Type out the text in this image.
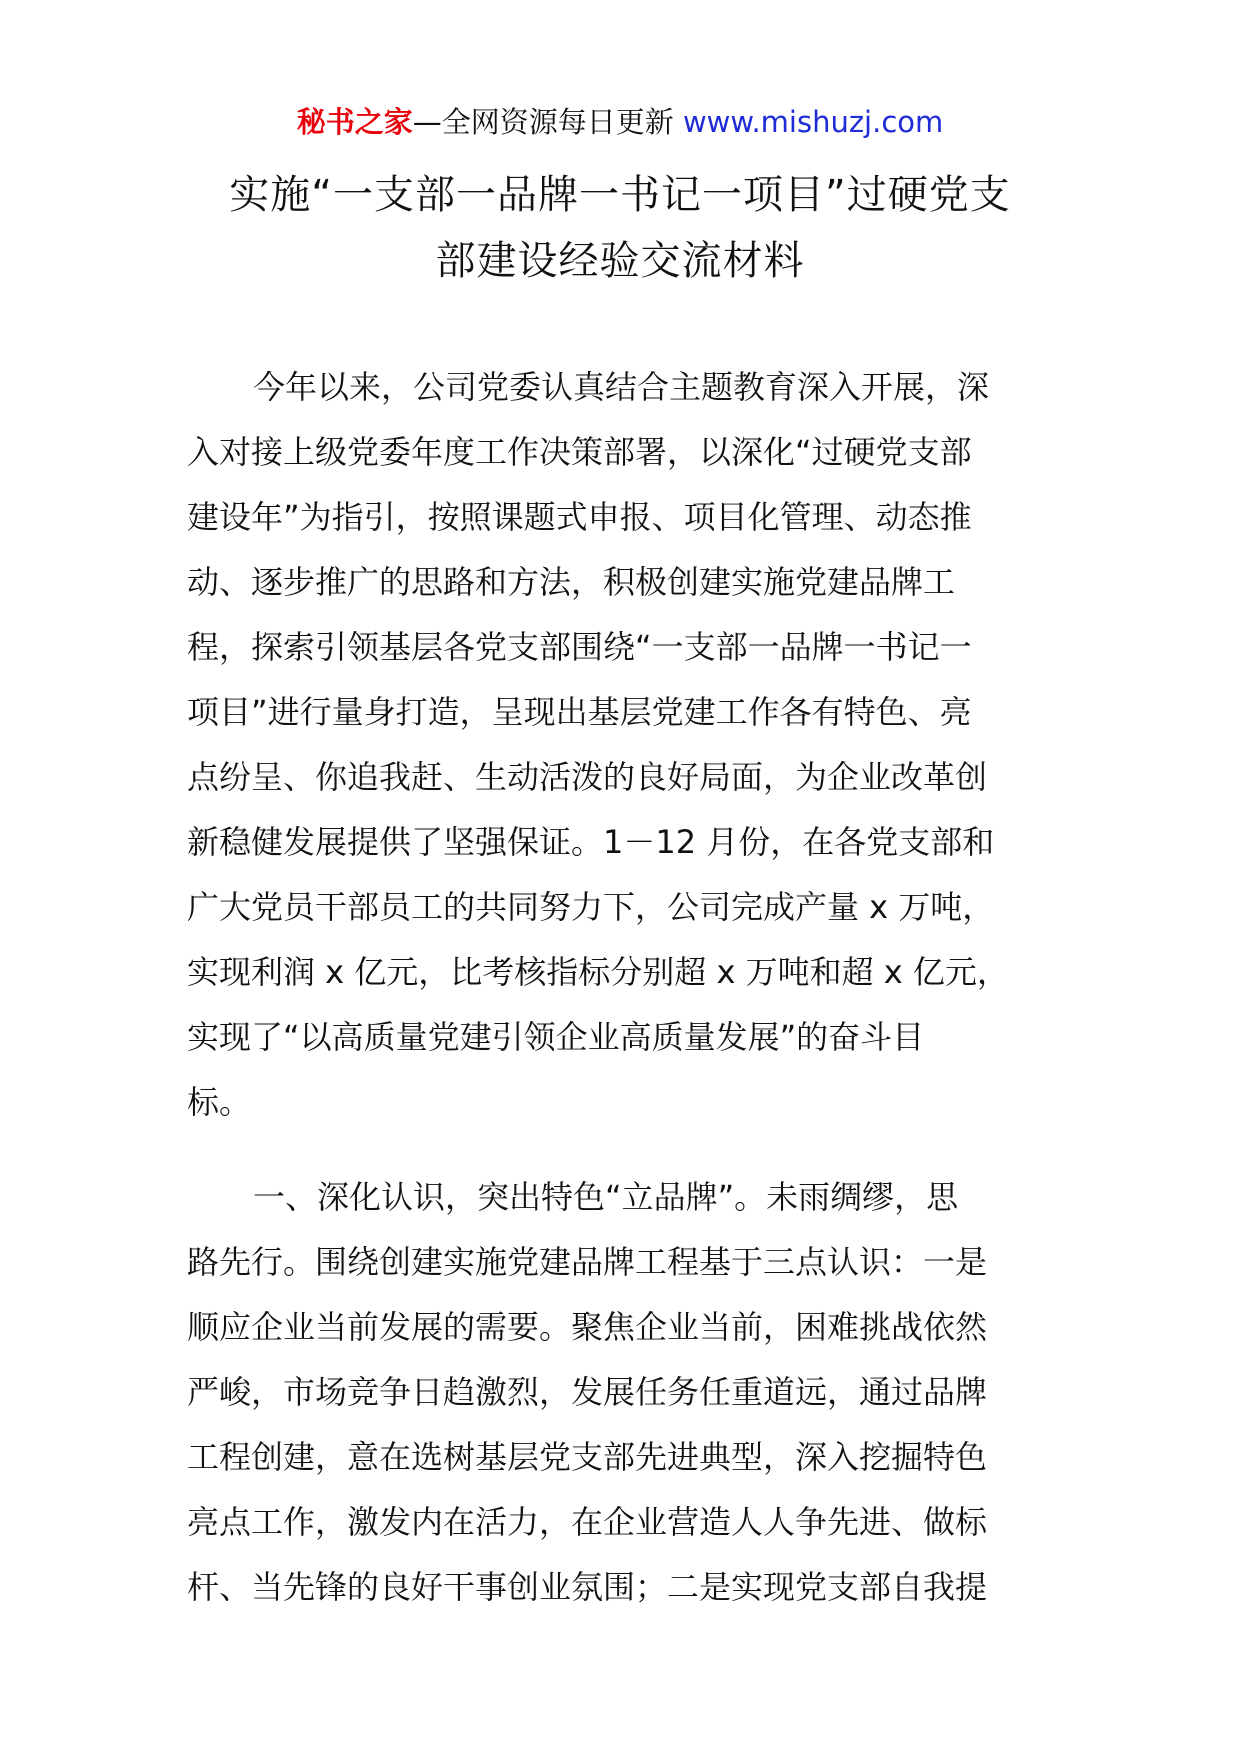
秘书之家—全网资源每日更新 www.mishuzj.com
实施“一支部一品牌一书记一项目”过硬党支
部建设经验交流材料
今年以来，公司党委认真结合主题教育深入开展，深
入对接上级党委年度工作决策部署，以深化“过硬党支部
建设年”为指引，按照课题式申报、项目化管理、动态推
动、逐步推广的思路和方法，积极创建实施党建品牌工
程，探索引领基层各党支部围绕“一支部一品牌一书记一
项目”进行量身打造，呈现出基层党建工作各有特色、亮
点纷呈、你追我赶、生动活泼的良好局面，为企业改革创
新稳健发展提供了坚强保证。1－12 月份，在各党支部和
广大党员干部员工的共同努力下，公司完成产量 x 万吨，
实现利润 x 亿元，比考核指标分别超 x 万吨和超 x 亿元，
实现了“以高质量党建引领企业高质量发展”的奋斗目
标。
一、深化认识，突出特色“立品牌”。未雨绸缪，思
路先行。围绕创建实施党建品牌工程基于三点认识：一是
顺应企业当前发展的需要。聚焦企业当前，困难挑战依然
严峻，市场竞争日趋激烈，发展任务任重道远，通过品牌
工程创建，意在选树基层党支部先进典型，深入挖掘特色
亮点工作，激发内在活力，在企业营造人人争先进、做标
杆、当先锋的良好干事创业氛围；二是实现党支部自我提
